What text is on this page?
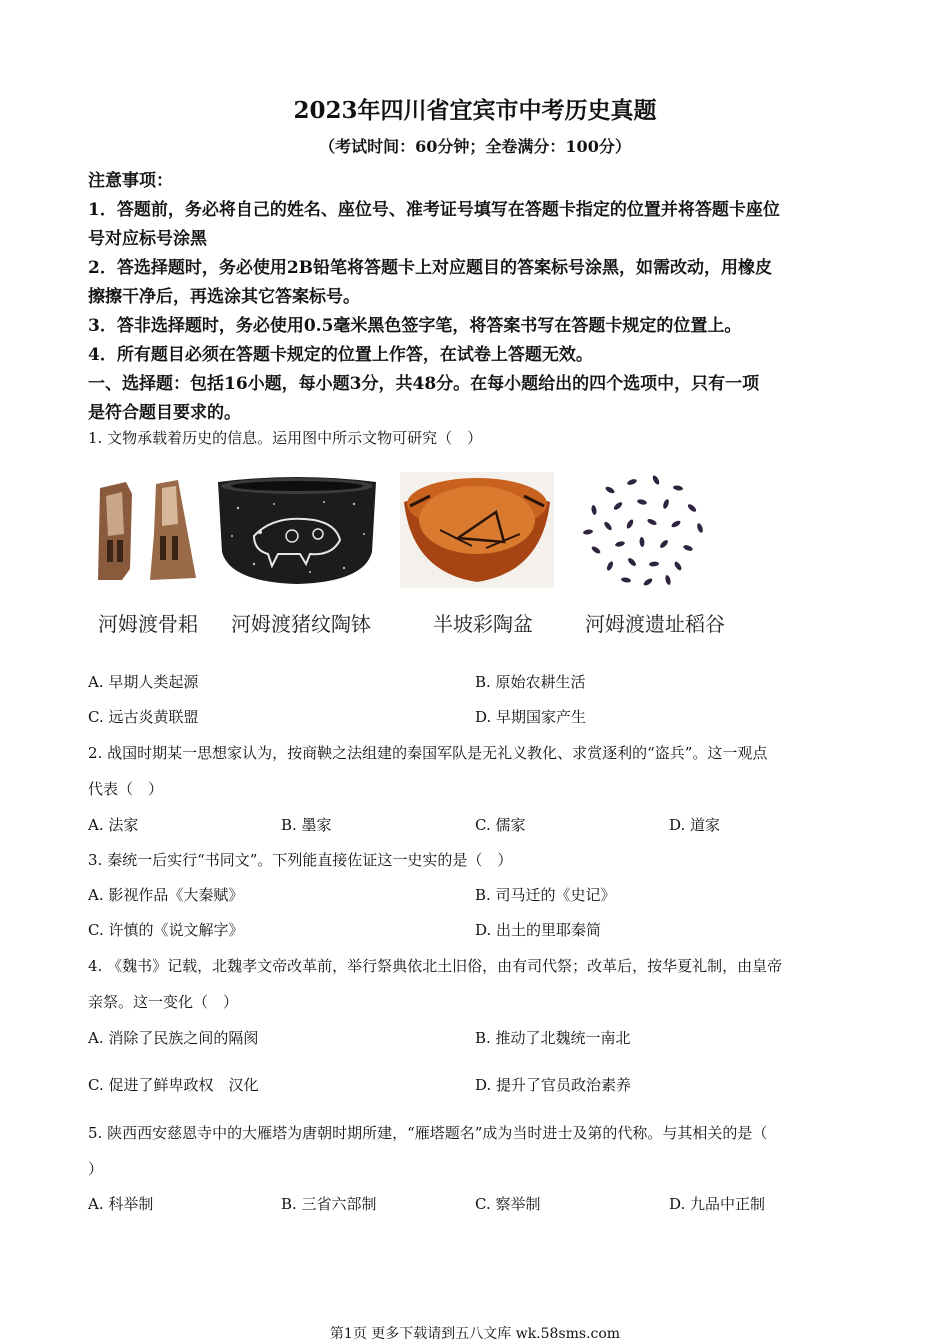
2023年四川省宜宾市中考历史真题
（考试时间：60分钟；全卷满分：100分）
注意事项：
1．答题前，务必将自己的姓名、座位号、准考证号填写在答题卡指定的位置并将答题卡座位
号对应标号涂黑
2．答选择题时，务必使用2B铅笔将答题卡上对应题目的答案标号涂黑，如需改动，用橡皮
擦擦干净后，再选涂其它答案标号。
3．答非选择题时，务必使用0.5毫米黑色签字笔，将答案书写在答题卡规定的位置上。
4．所有题目必须在答题卡规定的位置上作答，在试卷上答题无效。
一、选择题：包括16小题，每小题3分，共48分。在每小题给出的四个选项中，只有一项
是符合题目要求的。
1. 文物承载着历史的信息。运用图中所示文物可研究（　）
河姆渡骨耜 河姆渡猪纹陶钵	半坡彩陶盆	河姆渡遗址稻谷
A. 早期人类起源	B. 原始农耕生活
C. 远古炎黄联盟	D. 早期国家产生
2. 战国时期某一思想家认为，按商鞅之法组建的秦国军队是无礼义教化、求赏逐利的“盗兵”。这一观点
代表（　）
A. 法家	B. 墨家	C. 儒家	D. 道家
3. 秦统一后实行“书同文”。下列能直接佐证这一史实的是（　）
A. 影视作品《大秦赋》	B. 司马迁的《史记》
C. 许慎的《说文解字》	D. 出土的里耶秦简
4. 《魏书》记载，北魏孝文帝改革前，举行祭典依北土旧俗，由有司代祭；改革后，按华夏礼制，由皇帝
亲祭。这一变化（　）
A. 消除了民族之间的隔阂	B. 推动了北魏统一南北
C. 促进了鲜卑政权　汉化	D. 提升了官员政治素养
5. 陕西西安慈恩寺中的大雁塔为唐朝时期所建，“雁塔题名”成为当时进士及第的代称。与其相关的是（
）
A. 科举制	B. 三省六部制	C. 察举制	D. 九品中正制
第1页 更多下载请到五八文库 wk.58sms.com
